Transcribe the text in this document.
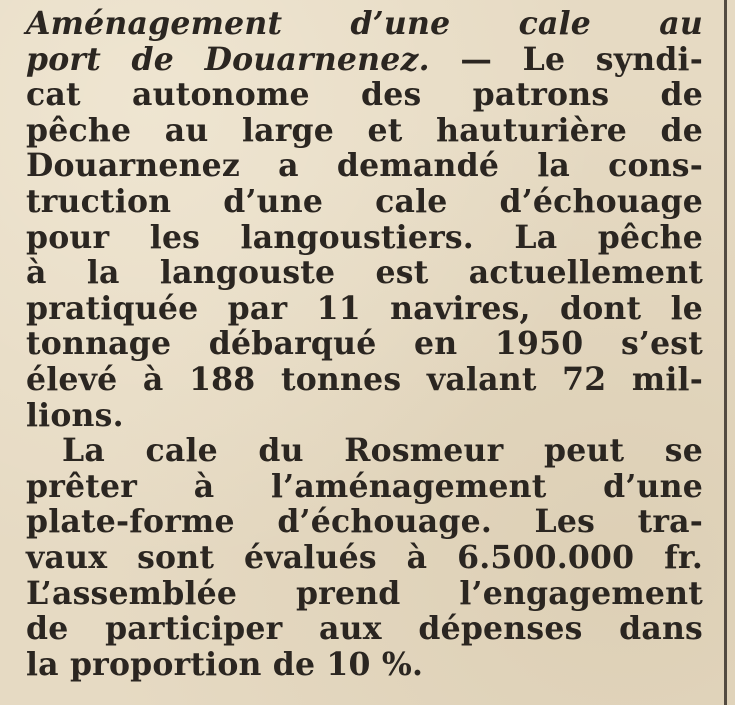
Aménagement d’une cale au
port de Douarnenez. — Le syndi-
cat autonome des patrons de
pêche au large et hauturière de
Douarnenez a demandé la cons-
truction d’une cale d’échouage
pour les langoustiers. La pêche
à la langouste est actuellement
pratiquée par 11 navires, dont le
tonnage débarqué en 1950 s’est
élevé à 188 tonnes valant 72 mil-
lions.
La cale du Rosmeur peut se
prêter à l’aménagement d’une
plate-forme d’échouage. Les tra-
vaux sont évalués à 6.500.000 fr.
L’assemblée prend l’engagement
de participer aux dépenses dans
la proportion de 10 %.
